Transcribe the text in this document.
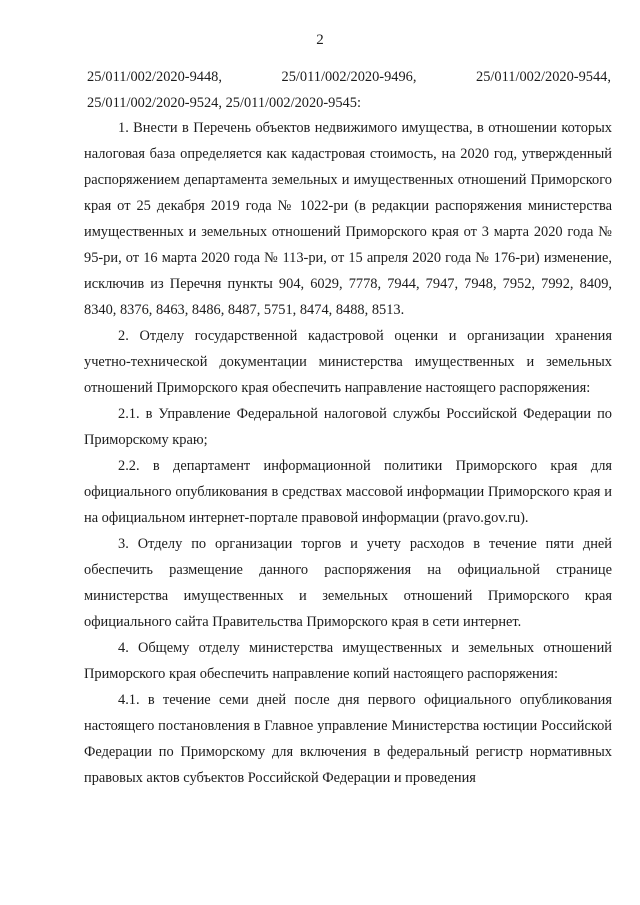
2
25/011/002/2020-9448,	25/011/002/2020-9496,	25/011/002/2020-9544,
25/011/002/2020-9524, 25/011/002/2020-9545:

1. Внести в Перечень объектов недвижимого имущества, в отношении которых налоговая база определяется как кадастровая стоимость, на 2020 год, утвержденный распоряжением департамента земельных и имущественных отношений Приморского края от 25 декабря 2019 года № 1022-ри (в редакции распоряжения министерства имущественных и земельных отношений Приморского края от 3 марта 2020 года № 95-ри, от 16 марта 2020 года № 113-ри, от 15 апреля 2020 года № 176-ри) изменение, исключив из Перечня пункты 904, 6029, 7778, 7944, 7947, 7948, 7952, 7992, 8409, 8340, 8376, 8463, 8486, 8487, 5751, 8474, 8488, 8513.

2. Отделу государственной кадастровой оценки и организации хранения учетно-технической документации министерства имущественных и земельных отношений Приморского края обеспечить направление настоящего распоряжения:

2.1. в Управление Федеральной налоговой службы Российской Федерации по Приморскому краю;

2.2. в департамент информационной политики Приморского края для официального опубликования в средствах массовой информации Приморского края и на официальном интернет-портале правовой информации (pravo.gov.ru).

3. Отделу по организации торгов и учету расходов в течение пяти дней обеспечить размещение данного распоряжения на официальной странице министерства имущественных и земельных отношений Приморского края официального сайта Правительства Приморского края в сети интернет.

4. Общему отделу министерства имущественных и земельных отношений Приморского края обеспечить направление копий настоящего распоряжения:

4.1. в течение семи дней после дня первого официального опубликования настоящего постановления в Главное управление Министерства юстиции Российской Федерации по Приморскому для включения в федеральный регистр нормативных правовых актов субъектов Российской Федерации и проведения
